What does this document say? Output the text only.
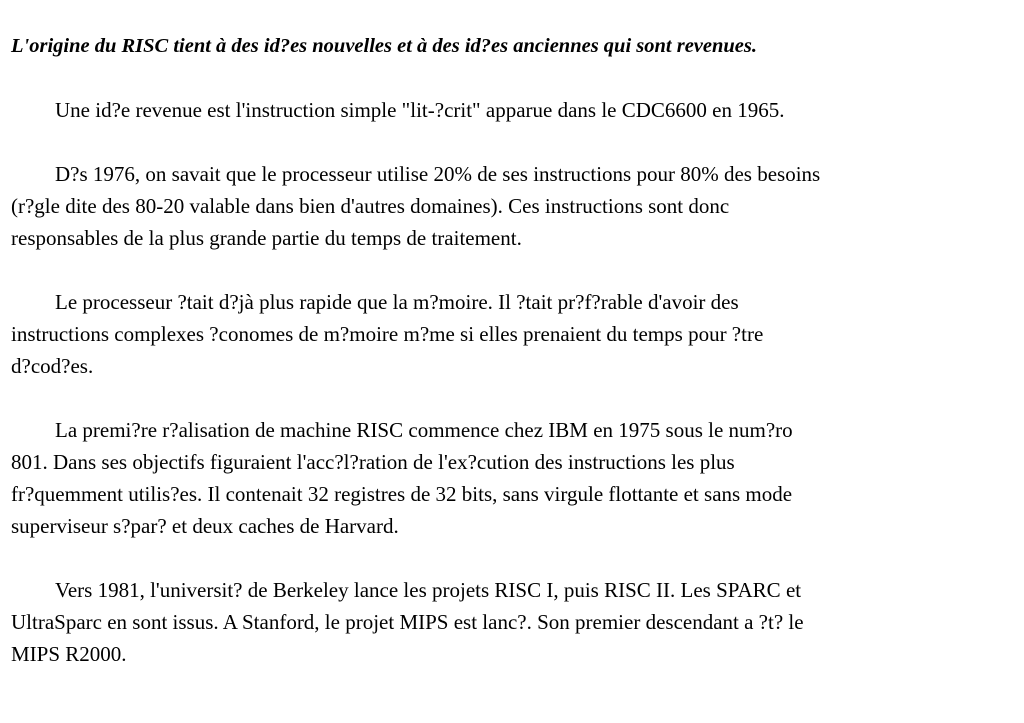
L'origine du RISC tient à des id?es nouvelles et à des id?es anciennes qui sont revenues.

Une id?e revenue est l'instruction simple "lit-?crit" apparue dans le CDC6600 en 1965.
D?s 1976, on savait que le processeur utilise 20% de ses instructions pour 80% des besoins
(r?gle dite des 80-20 valable dans bien d'autres domaines). Ces instructions sont donc
responsables de la plus grande partie du temps de traitement.
Le processeur ?tait d?jà plus rapide que la m?moire. Il ?tait pr?f?rable d'avoir des
instructions complexes ?conomes de m?moire m?me si elles prenaient du temps pour ?tre
d?cod?es.
La premi?re r?alisation de machine RISC commence chez IBM en 1975 sous le num?ro
801. Dans ses objectifs figuraient l'acc?l?ration de l'ex?cution des instructions les plus
fr?quemment utilis?es. Il contenait 32 registres de 32 bits, sans virgule flottante et sans mode
superviseur s?par? et deux caches de Harvard.
Vers 1981, l'universit? de Berkeley lance les projets RISC I, puis RISC II. Les SPARC et
UltraSparc en sont issus. A Stanford, le projet MIPS est lanc?. Son premier descendant a ?t? le
MIPS R2000.
